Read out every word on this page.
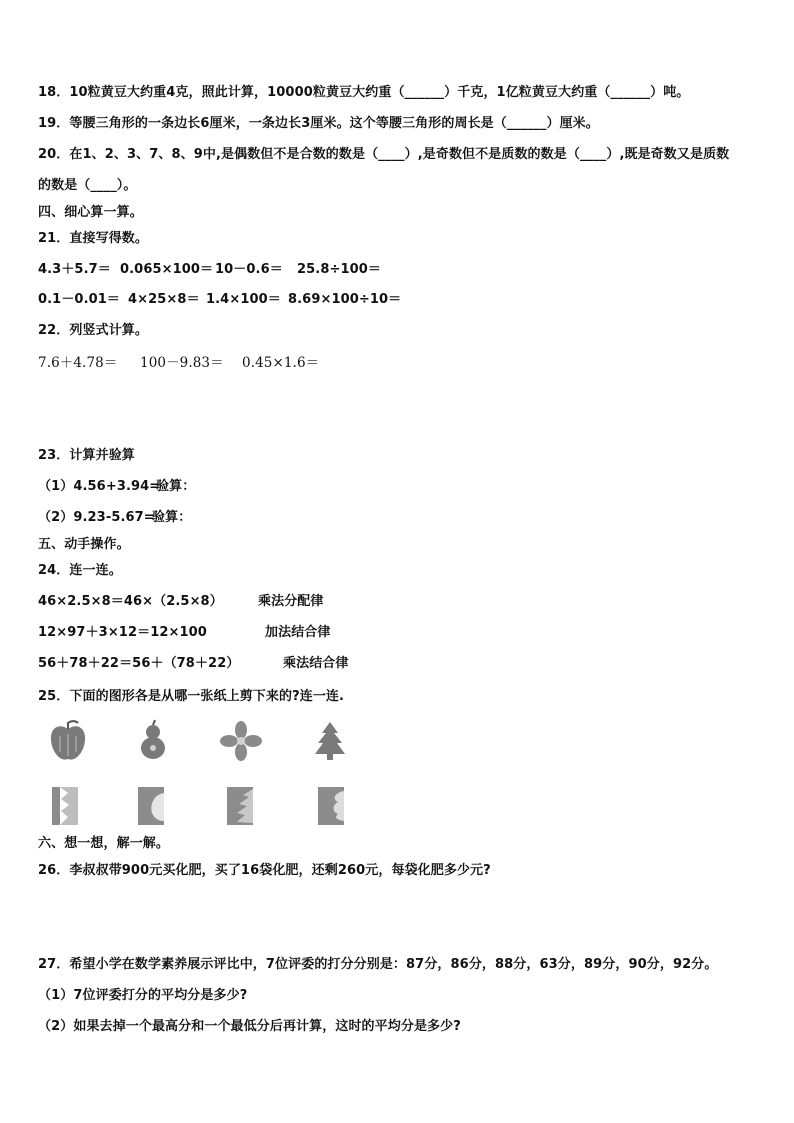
18．10粒黄豆大约重4克，照此计算，10000粒黄豆大约重（______）千克，1亿粒黄豆大约重（______）吨。
19．等腰三角形的一条边长6厘米，一条边长3厘米。这个等腰三角形的周长是（______）厘米。
20．在1、2、3、7、8、9中,是偶数但不是合数的数是（____）,是奇数但不是质数的数是（____）,既是奇数又是质数
的数是（____）。
四、细心算一算。
21．直接写得数。
4.3＋5.7＝ 0.065×100＝ 10－0.6＝ 25.8÷100＝
0.1－0.01＝ 4×25×8＝ 1.4×100＝ 8.69×100÷10＝
22．列竖式计算。
7.6＋4.78＝ 100－9.83＝ 0.45×1.6＝
23．计算并验算
（1）4.56+3.94=验算：
（2）9.23-5.67=验算：
五、动手操作。
24．连一连。
46×2.5×8＝46×（2.5×8）	乘法分配律
12×97＋3×12＝12×100	加法结合律
56＋78＋22＝56＋（78＋22）	乘法结合律
25．下面的图形各是从哪一张纸上剪下来的?连一连.
六、想一想，解一解。
26．李叔叔带900元买化肥，买了16袋化肥，还剩260元，每袋化肥多少元?
27．希望小学在数学素养展示评比中，7位评委的打分分别是：87分，86分，88分，63分，89分，90分，92分。
（1）7位评委打分的平均分是多少?
（2）如果去掉一个最高分和一个最低分后再计算，这时的平均分是多少?
